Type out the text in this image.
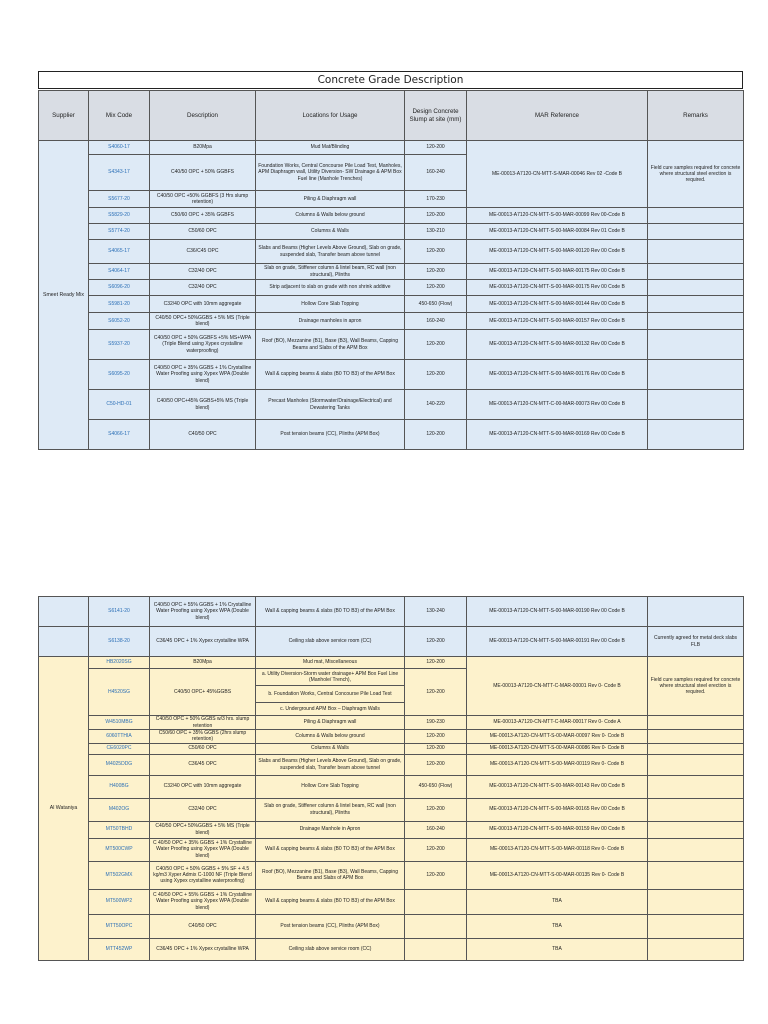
Concrete Grade Description
Supplier	Mix Code	Description	Locations for Usage	Design Concrete Slump at site (mm)	MAR Reference	Remarks
Smeet Ready Mix	S4060-17	B20Mpa	Mud Mat/Blinding	120-200	ME-00013-A7120-CN-MTT-S-MAR-00046 Rev 02 -Code B	Field cure samples required for concrete where structural steel erection is required.
	S4343-17	C40/50 OPC + 50% GGBFS	Foundation Works, Central Concourse Pile Load Test, Manholes, APM Diaphragm wall, Utility Diversion- SW Drainage & APM Box Fuel line (Manhole Trenches)	160-240		
	S5677-20	C40/50 OPC +50% GGBFS (3 Hrs slump retention)	Piling & Diaphragm wall	170-230		
	S5829-20	C50/60 OPC + 35% GGBFS	Columns & Walls below ground	120-200	ME-00013-A7120-CN-MTT-S-00-MAR-00099 Rev 00-Code B	
	S5774-20	C50/60 OPC	Columns & Walls	130-210	ME-00013-A7120-CN-MTT-S-00-MAR-00084 Rev 01 Code B	
	S4065-17	C36/C45 OPC	Slabs and Beams (Higher Levels Above Ground), Slab on grade, suspended slab, Transfer beam above tunnel	120-200	ME-00013-A7120-CN-MTT-S-00-MAR-00120 Rev 00 Code B	
	S4064-17	C32/40 OPC	Slab on grade, Stiffener column & lintel beam, RC wall (non structural), Plinths	120-200	ME-00013-A7120-CN-MTT-S-00-MAR-00175 Rev 00 Code B	
	S6096-20	C32/40 OPC	Strip adjacent to slab on grade with non shrink additive	120-200	ME-00013-A7120-CN-MTT-S-00-MAR-00175 Rev 00 Code B	
	S5981-20	C32/40 OPC with 10mm aggregate	Hollow Core Slab Topping	450-650 (Flow)	ME-00013-A7120-CN-MTT-S-00-MAR-00144 Rev 00 Code B	
	S6052-20	C40/50 OPC+ 50%GGBS + 5% MS (Triple blend)	Drainage manholes in apron	160-240	ME-00013-A7120-CN-MTT-S-00-MAR-00157 Rev 00 Code B	
	S5937-20	C40/50 OPC + 50% GGBFS +5% MS+WPA (Triple Blend using Xypex crystalline waterproofing)	Roof (BO), Mezzanine (B1), Base (B3), Wall Beams, Capping Beams and Slabs of the APM Box	120-200	ME-00013-A7120-CN-MTT-S-00-MAR-00132 Rev 00 Code B	
	S6095-20	C40/50 OPC + 35% GGBS + 1% Crystalline Water Proofing using Xypex WPA (Double blend)	Wall & capping beams & slabs (B0 TO B3) of the APM Box	120-200	ME-00013-A7120-CN-MTT-S-00-MAR-00176 Rev 00 Code B	
	C50-HD-01	C40/50 OPC+45% GGBS+5% MS (Triple blend)	Precast Manholes (Stormwater/Drainage/Electrical) and Dewatering Tanks	140-220	ME-00013-A7120-CN-MTT-C-00-MAR-00073 Rev 00 Code B	
	S4066-17	C40/50 OPC	Post tension beams (CC), Plinths (APM Box)	120-200	ME-00013-A7120-CN-MTT-S-00-MAR-00169 Rev 00 Code B	
	S6141-20	C40/50 OPC + 55% GGBS + 1% Crystalline Water Proofing using Xypex WPA (Double blend)	Wall & capping beams & slabs (B0 TO B3) of the APM Box	130-240	ME-00013-A7120-CN-MTT-S-00-MAR-00190 Rev 00 Code B	
	S6138-20	C36/45 OPC + 1% Xypex crystalline WPA	Ceiling slab above service room (CC)	120-200	ME-00013-A7120-CN-MTT-S-00-MAR-00191 Rev 00 Code B	Currently agreed for metal deck slabs FLB
Al Wataniya	HB2020SG	B20Mpa	Mud mat, Miscellaneous	120-200	ME-00013-A7120-CN-MTT-C-MAR-00001 Rev 0- Code B	Field cure samples required for concrete where structural steel erection is required.
	H4520SG	C40/50 OPC+ 45%GGBS	a. Utility Diversion-Storm water drainage+ APM Box Fuel Line (Manhole/ Trench),	120-200		
			b. Foundation Works, Central Concourse Pile Load Test			
			c. Underground APM Box – Diaphragm Walls			
	W4510MBG	C40/50 OPC + 50% GGBS w/3 hrs. slump retention	Piling & Diaphragm wall	190-230	ME-00013-A7120-CN-MTT-C-MAR-00017 Rev 0- Code A	
	6060TTHIA	C50/60 OPC + 35% GGBS (2hrs slump retention)	Columns & Walls below ground	120-200	ME-00013-A7120-CN-MTT-S-00-MAR-00097 Rev 0- Code B	
	CE6020PC	C50/60 OPC	Columns & Walls	120-200	ME-00013-A7120-CN-MTT-S-00-MAR-00086 Rev 0- Code B	
	M4025DDG	C36/45 OPC	Slabs and Beams (Higher Levels Above Ground), Slab on grade, suspended slab, Transfer beam above tunnel	120-200	ME-00013-A7120-CN-MTT-S-00-MAR-00119 Rev 0- Code B	
	H400BG	C32/40 OPC with 10mm aggregate	Hollow Core Slab Topping	450-650 (Flow)	ME-00013-A7120-CN-MTT-S-00-MAR-00143 Rev 00 Code B	
	M402OG	C32/40 OPC	Slab on grade, Stiffener column & lintel beam, RC wall (non structural), Plinths	120-200	ME-00013-A7120-CN-MTT-S-00-MAR-00165 Rev 00 Code B	
	MT50TBHD	C40/50 OPC+ 50%GGBS + 5% MS (Triple blend)	Drainage Manhole in Apron	160-240	ME-00013-A7120-CN-MTT-S-00-MAR-00159 Rev 00 Code B	
	MT500CWP	C 40/50 OPC + 35% GGBS + 1% Crystalline Water Proofing using Xypex WPA (Double blend)	Wall & capping beams & slabs (B0 TO B3) of the APM Box	120-200	ME-00013-A7120-CN-MTT-S-00-MAR-00118 Rev 0- Code B	
	MT502GMX	C40/50 OPC + 50% GGBS + 5% SF + 4.5 kg/m3 Xyper Admix C-1000 NF (Triple Blend using Xypex crystalline waterproofing)	Roof (BO), Mezzanine (B1), Base (B3), Wall Beams, Capping Beams and Slabs of APM Box	120-200	ME-00013-A7120-CN-MTT-S-00-MAR-00135 Rev 0- Code B	
	MT500WP2	C 40/50 OPC + 55% GGBS + 1% Crystalline Water Proofing using Xypex WPA (Double blend)	Wall & capping beams & slabs (B0 TO B3) of the APM Box		TBA	
	MTT50OPC	C40/50 OPC	Post tension beams (CC), Plinths (APM Box)		TBA	
	MTT452WP	C36/45 OPC + 1% Xypex crystalline WPA	Ceiling slab above service room (CC)		TBA	
